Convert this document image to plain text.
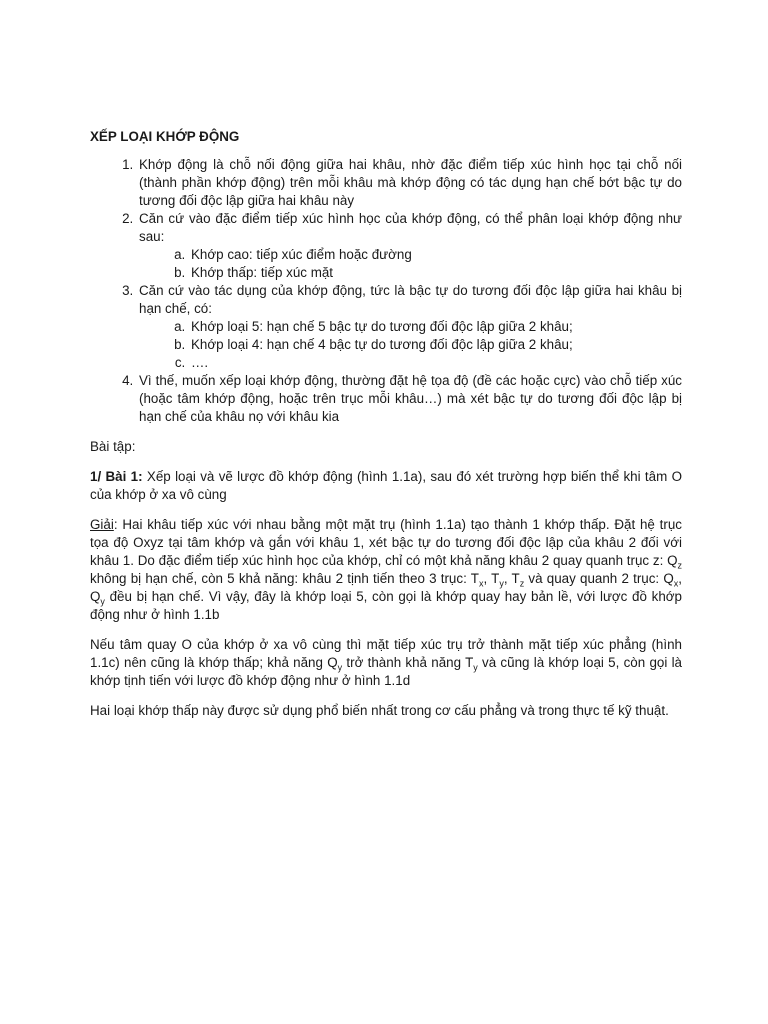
XẾP LOẠI KHỚP ĐỘNG
1. Khớp động là chỗ nối động giữa hai khâu, nhờ đặc điểm tiếp xúc hình học tại chỗ nối (thành phần khớp động) trên mỗi khâu mà khớp động có tác dụng hạn chế bớt bậc tự do tương đối độc lập giữa hai khâu này
2. Căn cứ vào đặc điểm tiếp xúc hình học của khớp động, có thể phân loại khớp động như sau:
a. Khớp cao: tiếp xúc điểm hoặc đường
b. Khớp thấp: tiếp xúc mặt
3. Căn cứ vào tác dụng của khớp động, tức là bậc tự do tương đối độc lập giữa hai khâu bị hạn chế, có:
a. Khớp loại 5: hạn chế 5 bậc tự do tương đối độc lập giữa 2 khâu;
b. Khớp loại 4: hạn chế 4 bậc tự do tương đối độc lập giữa 2 khâu;
c. ….
4. Vì thế, muốn xếp loại khớp động, thường đặt hệ tọa độ (đề các hoặc cực) vào chỗ tiếp xúc (hoặc tâm khớp động, hoặc trên trục mỗi khâu…) mà xét bậc tự do tương đối độc lập bị hạn chế của khâu nọ với khâu kia

Bài tập:

1/ Bài 1: Xếp loại và vẽ lược đồ khớp động (hình 1.1a), sau đó xét trường hợp biến thể khi tâm O của khớp ở xa vô cùng

Giải: Hai khâu tiếp xúc với nhau bằng một mặt trụ (hình 1.1a) tạo thành 1 khớp thấp. Đặt hệ trục tọa độ Oxyz tại tâm khớp và gắn với khâu 1, xét bậc tự do tương đối độc lập của khâu 2 đối với khâu 1. Do đặc điểm tiếp xúc hình học của khớp, chỉ có một khả năng khâu 2 quay quanh trục z: $Q_z$ không bị hạn chế, còn 5 khả năng: khâu 2 tịnh tiến theo 3 trục: $T_x$, $T_y$, $T_z$ và quay quanh 2 trục: $Q_x$, $Q_y$ đều bị hạn chế. Vì vậy, đây là khớp loại 5, còn gọi là khớp quay hay bản lề, với lược đồ khớp động như ở hình 1.1b

Nếu tâm quay O của khớp ở xa vô cùng thì mặt tiếp xúc trụ trở thành mặt tiếp xúc phẳng (hình 1.1c) nên cũng là khớp thấp; khả năng $Q_y$ trở thành khả năng $T_y$ và cũng là khớp loại 5, còn gọi là khớp tịnh tiến với lược đồ khớp động như ở hình 1.1d

Hai loại khớp thấp này được sử dụng phổ biến nhất trong cơ cấu phẳng và trong thực tế kỹ thuật.
